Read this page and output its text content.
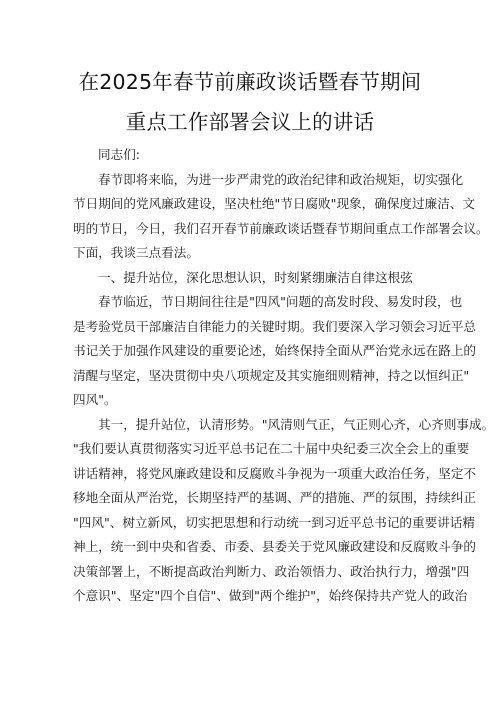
在2025年春节前廉政谈话暨春节期间
重点工作部署会议上的讲话
同志们:
春节即将来临，为进一步严肃党的政治纪律和政治规矩，切实强化
节日期间的党风廉政建设，坚决杜绝"节日腐败"现象，确保度过廉洁、文
明的节日，今日，我们召开春节前廉政谈话暨春节期间重点工作部署会议。
下面，我谈三点看法。
一、提升站位，深化思想认识，时刻紧绷廉洁自律这根弦
春节临近，节日期间往往是"四风"问题的高发时段、易发时段，也
是考验党员干部廉洁自律能力的关键时期。我们要深入学习领会习近平总
书记关于加强作风建设的重要论述，始终保持全面从严治党永远在路上的
清醒与坚定，坚决贯彻中央八项规定及其实施细则精神，持之以恒纠正"
四风"。
其一，提升站位，认清形势。"风清则气正，气正则心齐，心齐则事成。
"我们要认真贯彻落实习近平总书记在二十届中央纪委三次全会上的重要
讲话精神，将党风廉政建设和反腐败斗争视为一项重大政治任务，坚定不
移地全面从严治党，长期坚持严的基调、严的措施、严的氛围，持续纠正
"四风"、树立新风，切实把思想和行动统一到习近平总书记的重要讲话精
神上，统一到中央和省委、市委、县委关于党风廉政建设和反腐败斗争的
决策部署上，不断提高政治判断力、政治领悟力、政治执行力，增强"四
个意识"、坚定"四个自信"、做到"两个维护"，始终保持共产党人的政治
